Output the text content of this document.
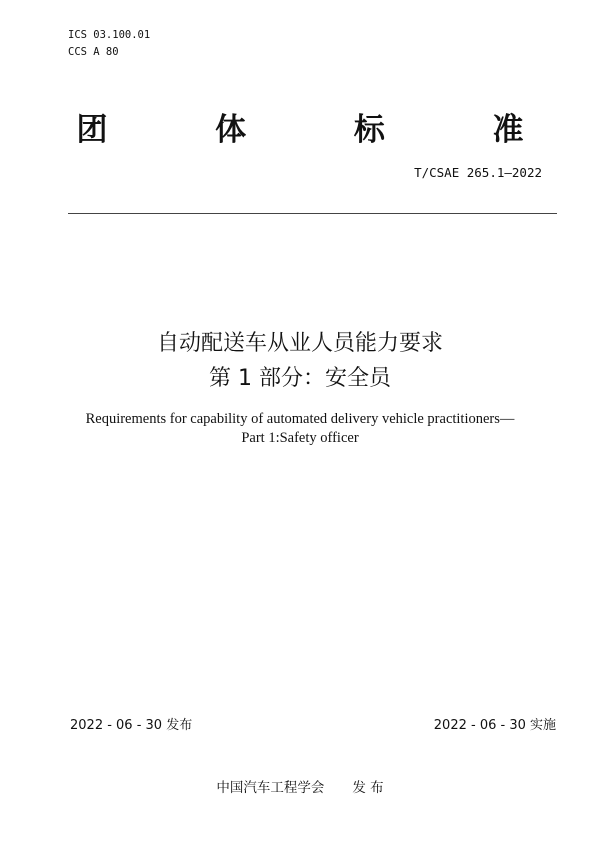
ICS 03.100.01
CCS A 80
团	体	标	准
T/CSAE 265.1—2022
自动配送车从业人员能力要求
第 1 部分：安全员
Requirements for capability of automated delivery vehicle practitioners—
Part 1:Safety officer
2022 - 06 - 30 发布	2022 - 06 - 30 实施
中国汽车工程学会 发 布
